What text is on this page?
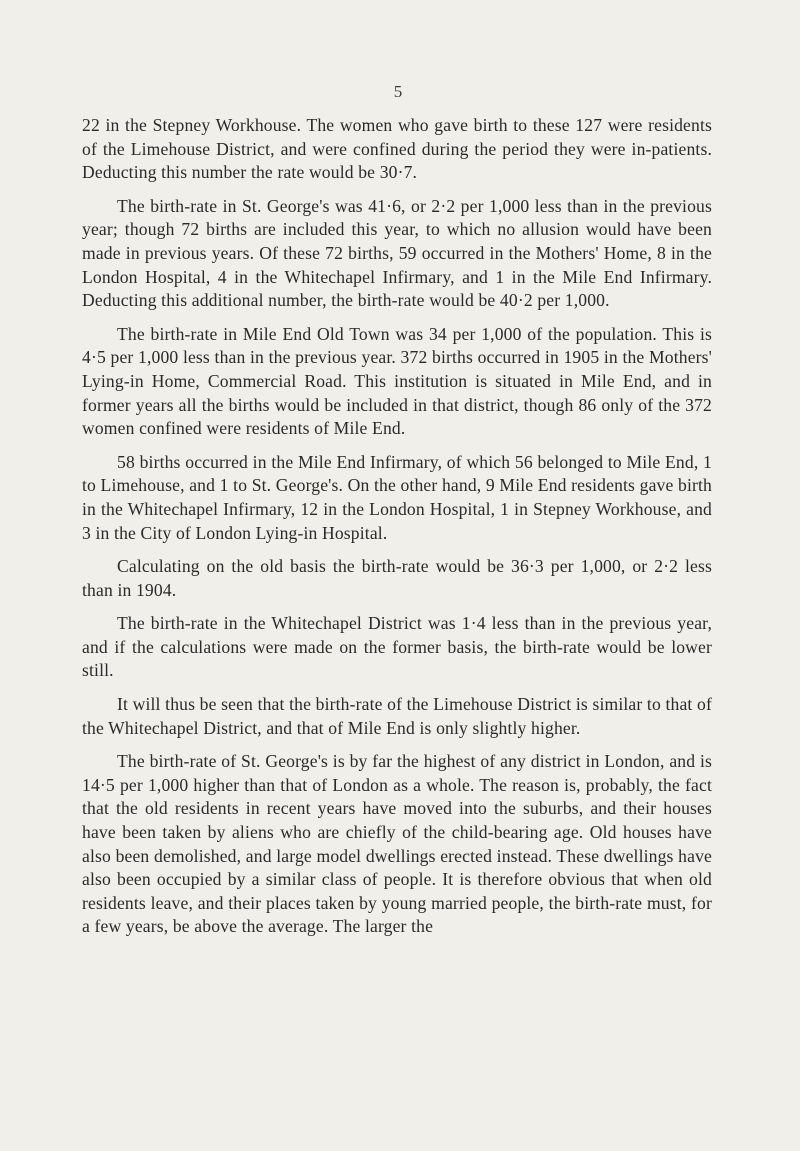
5

22 in the Stepney Workhouse. The women who gave birth to these 127 were residents of the Limehouse District, and were confined during the period they were in-patients. Deducting this number the rate would be 30·7.

The birth-rate in St. George's was 41·6, or 2·2 per 1,000 less than in the previous year; though 72 births are included this year, to which no allusion would have been made in previous years. Of these 72 births, 59 occurred in the Mothers' Home, 8 in the London Hospital, 4 in the Whitechapel Infirmary, and 1 in the Mile End Infirmary. Deducting this additional number, the birth-rate would be 40·2 per 1,000.

The birth-rate in Mile End Old Town was 34 per 1,000 of the population. This is 4·5 per 1,000 less than in the previous year. 372 births occurred in 1905 in the Mothers' Lying-in Home, Commercial Road. This institution is situated in Mile End, and in former years all the births would be included in that district, though 86 only of the 372 women confined were residents of Mile End.

58 births occurred in the Mile End Infirmary, of which 56 belonged to Mile End, 1 to Limehouse, and 1 to St. George's. On the other hand, 9 Mile End residents gave birth in the Whitechapel Infirmary, 12 in the London Hospital, 1 in Stepney Workhouse, and 3 in the City of London Lying-in Hospital.

Calculating on the old basis the birth-rate would be 36·3 per 1,000, or 2·2 less than in 1904.

The birth-rate in the Whitechapel District was 1·4 less than in the previous year, and if the calculations were made on the former basis, the birth-rate would be lower still.

It will thus be seen that the birth-rate of the Limehouse District is similar to that of the Whitechapel District, and that of Mile End is only slightly higher.

The birth-rate of St. George's is by far the highest of any district in London, and is 14·5 per 1,000 higher than that of London as a whole. The reason is, probably, the fact that the old residents in recent years have moved into the suburbs, and their houses have been taken by aliens who are chiefly of the child-bearing age. Old houses have also been demolished, and large model dwellings erected instead. These dwellings have also been occupied by a similar class of people. It is therefore obvious that when old residents leave, and their places taken by young married people, the birth-rate must, for a few years, be above the average. The larger the
